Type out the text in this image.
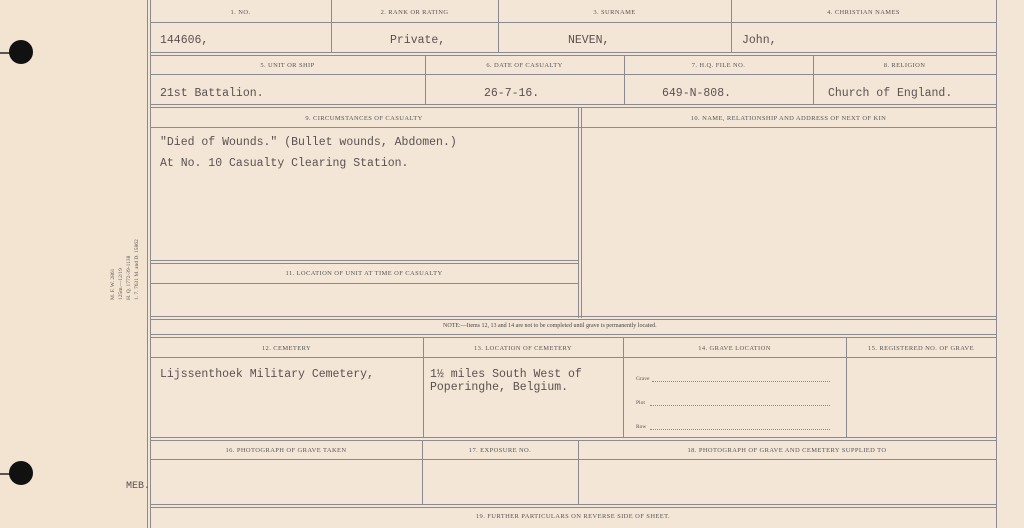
M. F. W. 2861 125m.—12/19 H. Q. 1772-39-1138 1. 7. 7631 M. and D. 15862
1. NO.	2. RANK OR RATING	3. SURNAME	4. CHRISTIAN NAMES
144606,	Private,	NEVEN,	John,
5. UNIT OR SHIP	6. DATE OF CASUALTY	7. H.Q. FILE NO.	8. RELIGION
21st Battalion.	26-7-16.	649-N-808.	Church of England.
9. CIRCUMSTANCES OF CASUALTY	10. NAME, RELATIONSHIP AND ADDRESS OF NEXT OF KIN
"Died of Wounds." (Bullet wounds, Abdomen.)
At No. 10 Casualty Clearing Station.
11. LOCATION OF UNIT AT TIME OF CASUALTY
NOTE:—Items 12, 13 and 14 are not to be completed until grave is permanently located.
12. CEMETERY	13. LOCATION OF CEMETERY	14. GRAVE LOCATION	15. REGISTERED NO. OF GRAVE
Lijssenthoek Military Cemetery,	1½ miles South West of
Poperinghe, Belgium.
Grave
Plot
Row
16. PHOTOGRAPH OF GRAVE TAKEN	17. EXPOSURE NO.	18. PHOTOGRAPH OF GRAVE AND CEMETERY SUPPLIED TO
19. FURTHER PARTICULARS ON REVERSE SIDE OF SHEET.
MEB.
